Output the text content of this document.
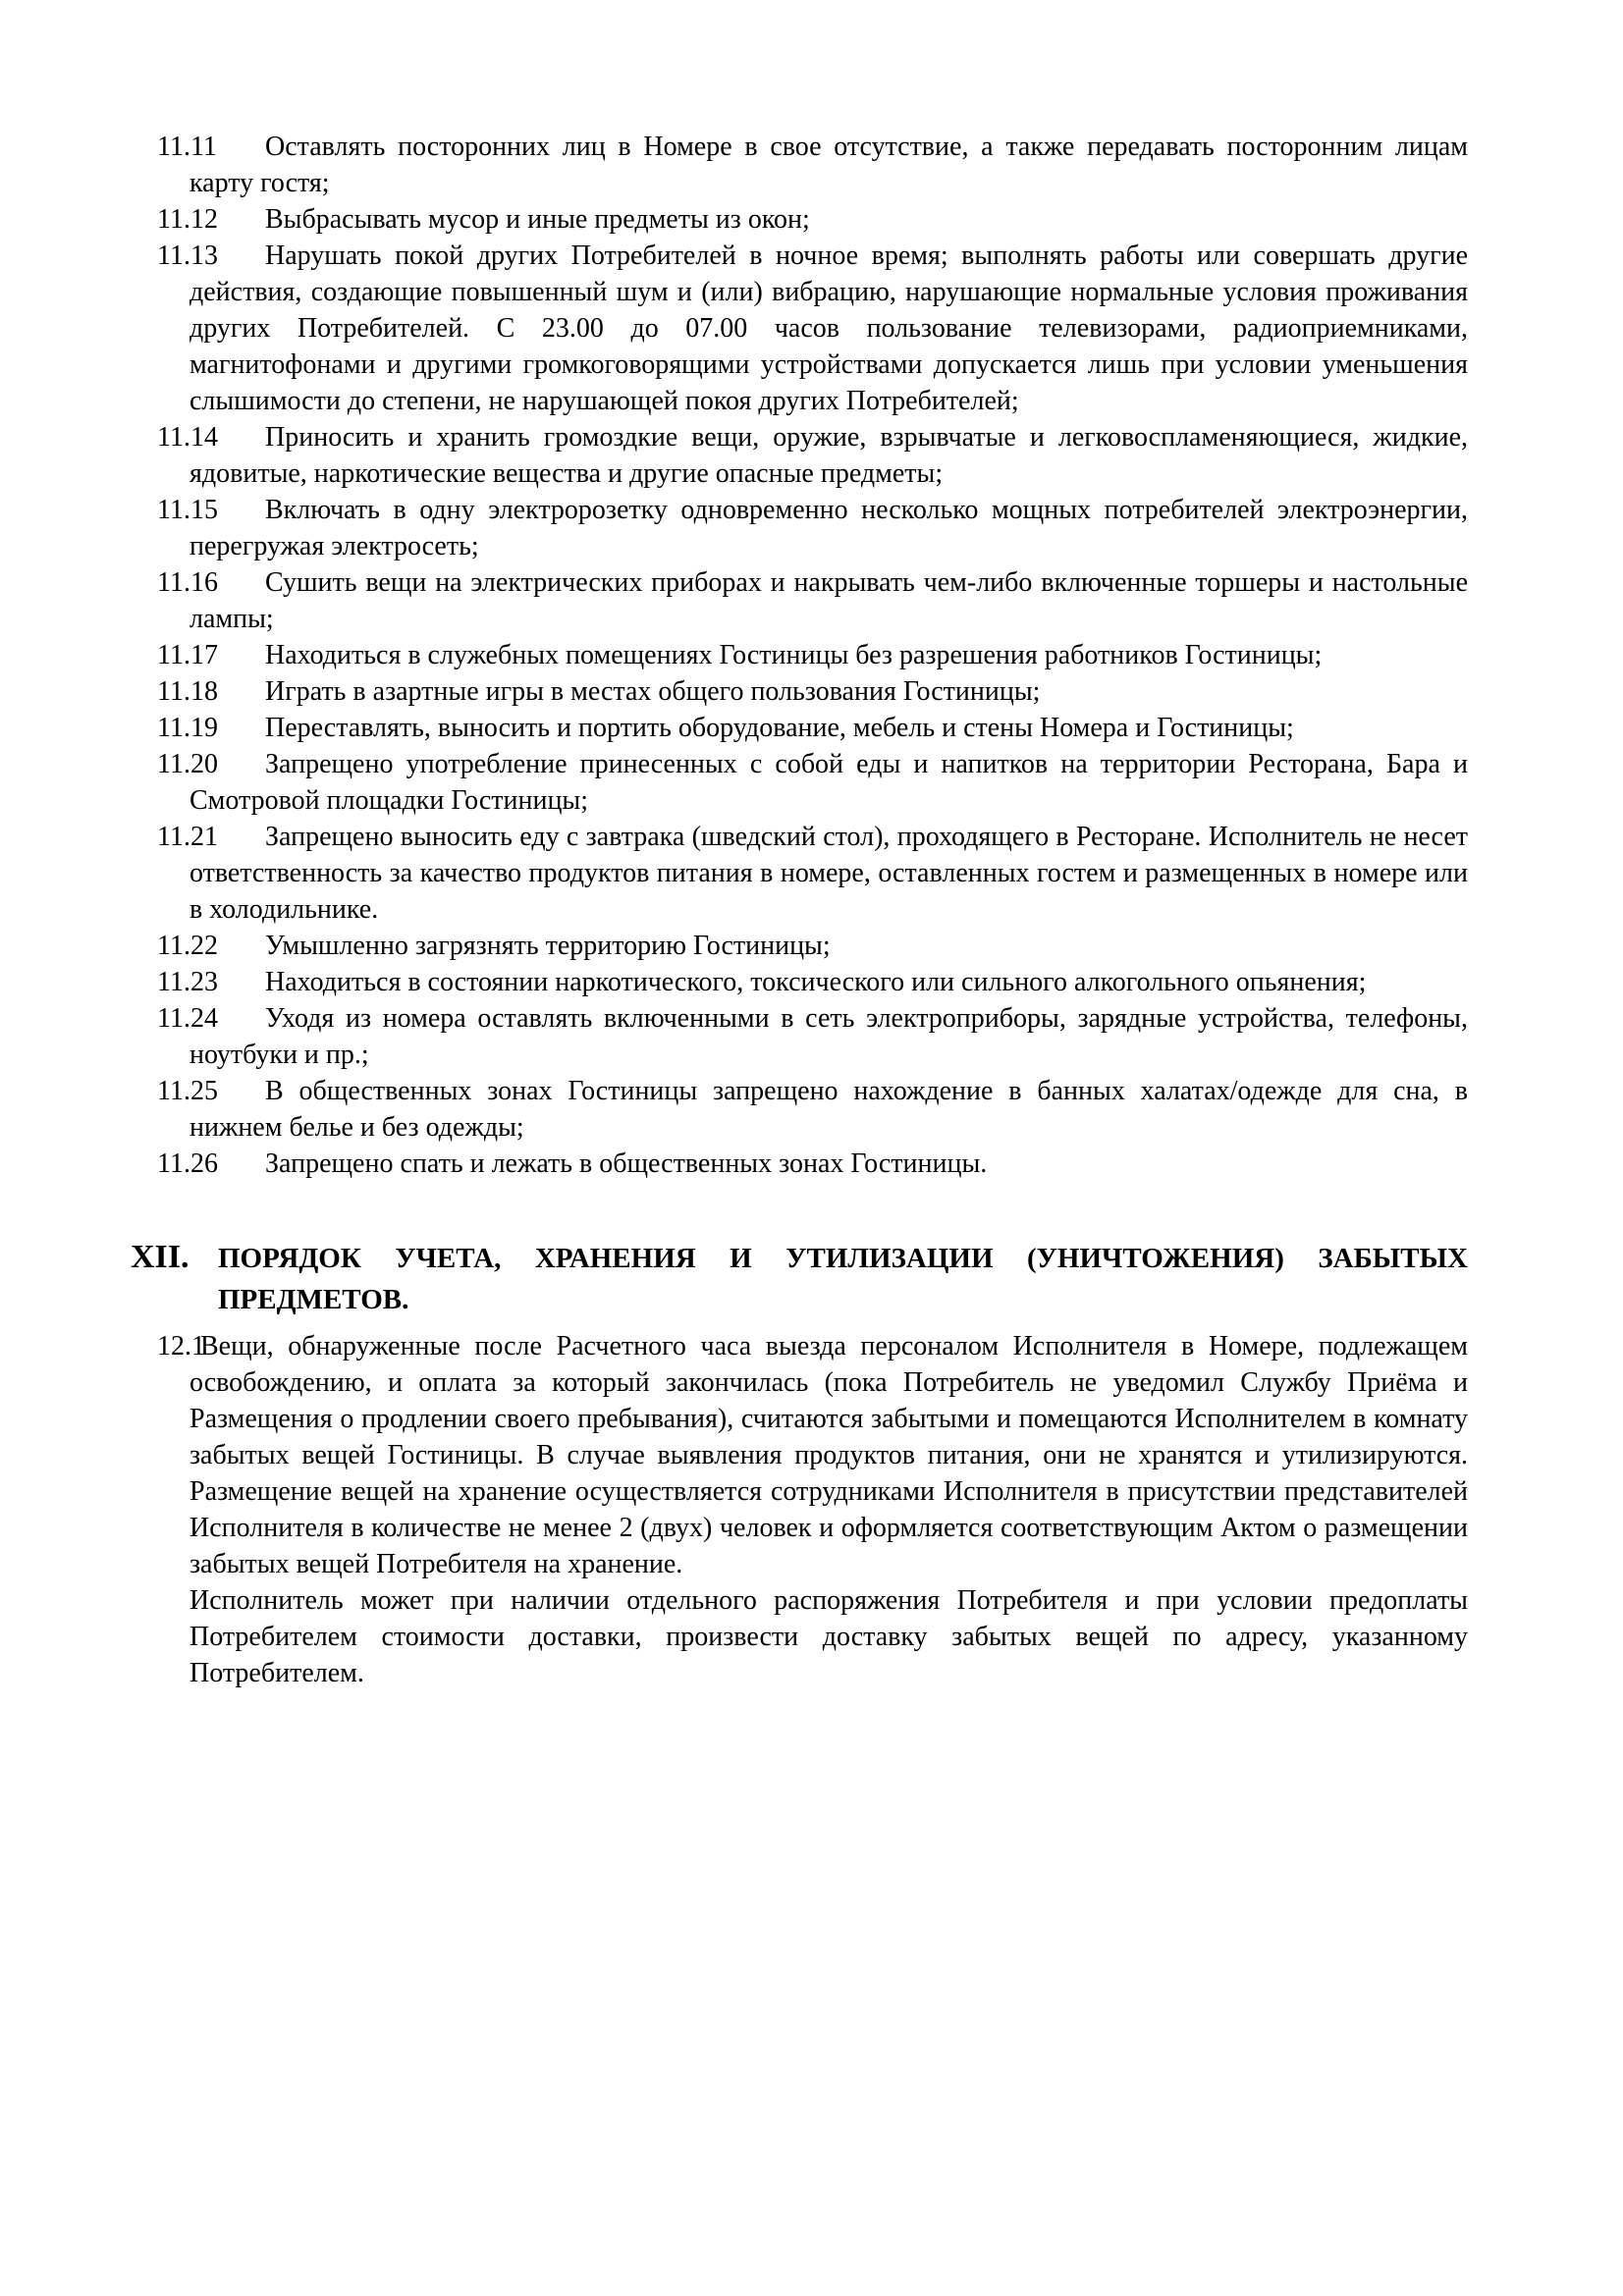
11.11 Оставлять посторонних лиц в Номере в свое отсутствие, а также передавать посторонним лицам карту гостя;
11.12 Выбрасывать мусор и иные предметы из окон;
11.13 Нарушать покой других Потребителей в ночное время; выполнять работы или совершать другие действия, создающие повышенный шум и (или) вибрацию, нарушающие нормальные условия проживания других Потребителей. С 23.00 до 07.00 часов пользование телевизорами, радиоприемниками, магнитофонами и другими громкоговорящими устройствами допускается лишь при условии уменьшения слышимости до степени, не нарушающей покоя других Потребителей;
11.14 Приносить и хранить громоздкие вещи, оружие, взрывчатые и легковоспламеняющиеся, жидкие, ядовитые, наркотические вещества и другие опасные предметы;
11.15 Включать в одну электророзетку одновременно несколько мощных потребителей электроэнергии, перегружая электросеть;
11.16 Сушить вещи на электрических приборах и накрывать чем-либо включенные торшеры и настольные лампы;
11.17 Находиться в служебных помещениях Гостиницы без разрешения работников Гостиницы;
11.18 Играть в азартные игры в местах общего пользования Гостиницы;
11.19 Переставлять, выносить и портить оборудование, мебель и стены Номера и Гостиницы;
11.20 Запрещено употребление принесенных с собой еды и напитков на территории Ресторана, Бара и Смотровой площадки Гостиницы;
11.21 Запрещено выносить еду с завтрака (шведский стол), проходящего в Ресторане. Исполнитель не несет ответственность за качество продуктов питания в номере, оставленных гостем и размещенных в номере или в холодильнике.
11.22 Умышленно загрязнять территорию Гостиницы;
11.23 Находиться в состоянии наркотического, токсического или сильного алкогольного опьянения;
11.24 Уходя из номера оставлять включенными в сеть электроприборы, зарядные устройства, телефоны, ноутбуки и пр.;
11.25 В общественных зонах Гостиницы запрещено нахождение в банных халатах/одежде для сна, в нижнем белье и без одежды;
11.26 Запрещено спать и лежать в общественных зонах Гостиницы.
XII. ПОРЯДОК УЧЕТА, ХРАНЕНИЯ И УТИЛИЗАЦИИ (УНИЧТОЖЕНИЯ) ЗАБЫТЫХ ПРЕДМЕТОВ.
12.1Вещи, обнаруженные после Расчетного часа выезда персоналом Исполнителя в Номере, подлежащем освобождению, и оплата за который закончилась (пока Потребитель не уведомил Службу Приёма и Размещения о продлении своего пребывания), считаются забытыми и помещаются Исполнителем в комнату забытых вещей Гостиницы. В случае выявления продуктов питания, они не хранятся и утилизируются. Размещение вещей на хранение осуществляется сотрудниками Исполнителя в присутствии представителей Исполнителя в количестве не менее 2 (двух) человек и оформляется соответствующим Актом о размещении забытых вещей Потребителя на хранение.
Исполнитель может при наличии отдельного распоряжения Потребителя и при условии предоплаты Потребителем стоимости доставки, произвести доставку забытых вещей по адресу, указанному Потребителем.
